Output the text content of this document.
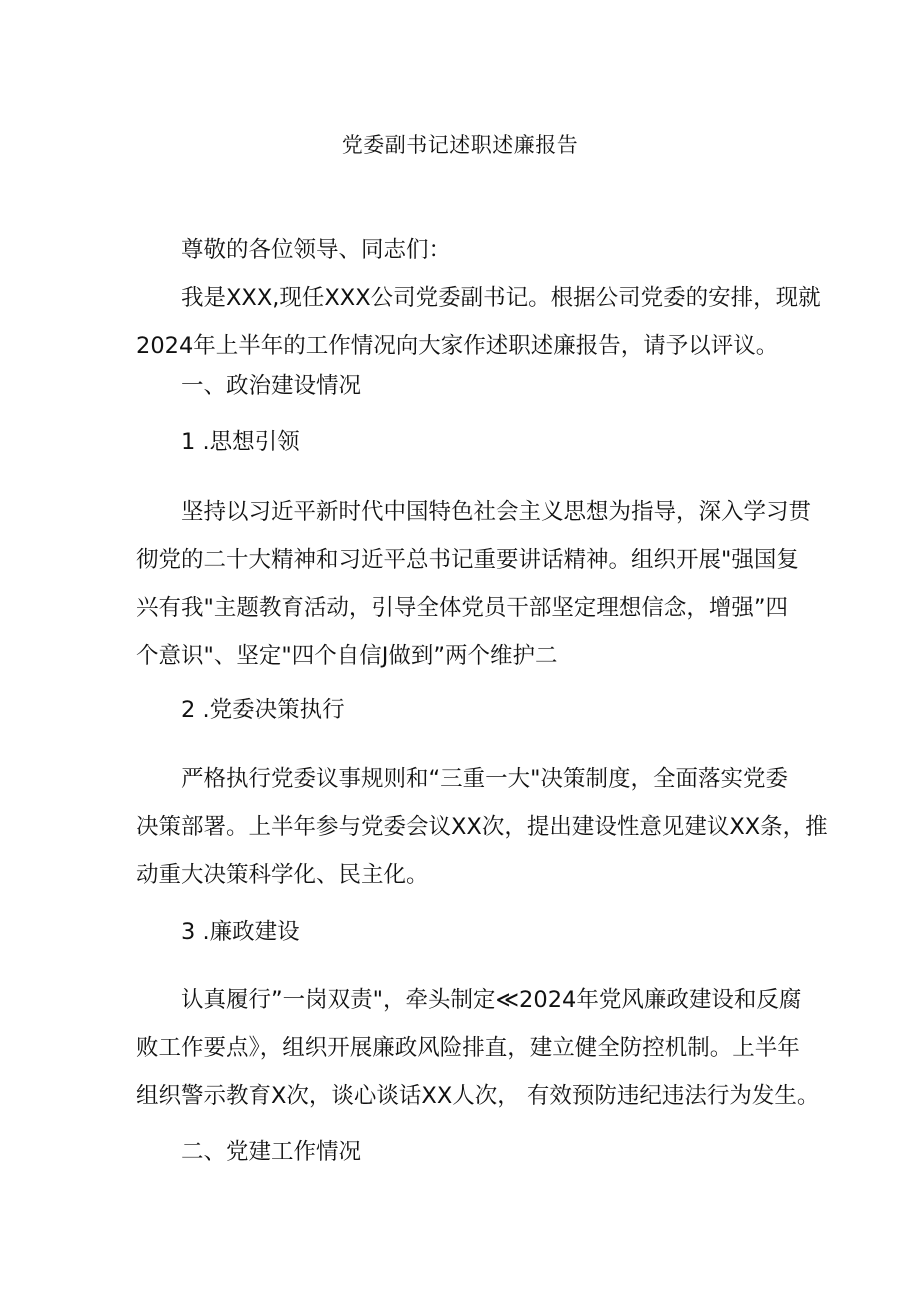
党委副书记述职述廉报告

尊敬的各位领导、同志们：

我是XXX,现任XXX公司党委副书记。根据公司党委的安排，现就
2024年上半年的工作情况向大家作述职述廉报告，请予以评议。

一、政治建设情况

1 .思想引领

坚持以习近平新时代中国特色社会主义思想为指导，深入学习贯
彻党的二十大精神和习近平总书记重要讲话精神。组织开展"强国复
兴有我"主题教育活动，引导全体党员干部坚定理想信念，增强”四
个意识"、坚定"四个自信J做到”两个维护二

2 .党委决策执行

严格执行党委议事规则和“三重一大"决策制度，全面落实党委
决策部署。上半年参与党委会议XX次，提出建设性意见建议XX条，推
动重大决策科学化、民主化。

3 .廉政建设

认真履行”一岗双责"，牵头制定≪2024年党风廉政建设和反腐
败工作要点》，组织开展廉政风险排直，建立健全防控机制。上半年
组织警示教育X次，谈心谈话XX人次， 有效预防违纪违法行为发生。

二、党建工作情况
